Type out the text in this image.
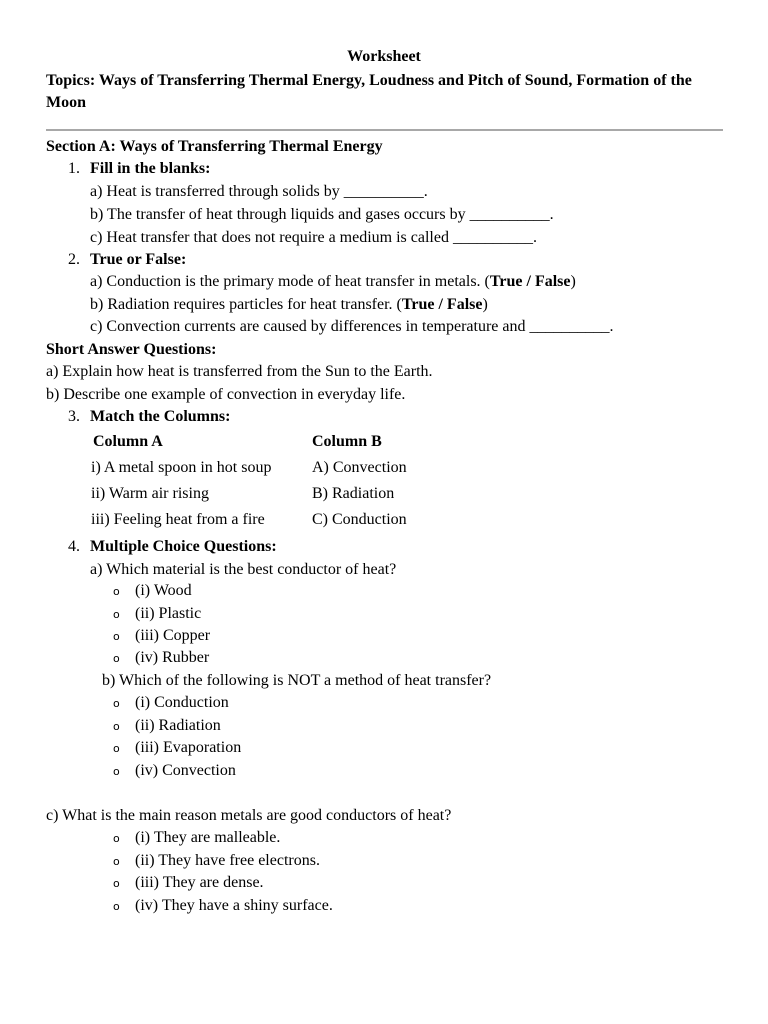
Worksheet
Topics: Ways of Transferring Thermal Energy, Loudness and Pitch of Sound, Formation of the Moon
Section A: Ways of Transferring Thermal Energy
1. Fill in the blanks:
a) Heat is transferred through solids by __________.
b) The transfer of heat through liquids and gases occurs by __________.
c) Heat transfer that does not require a medium is called __________.
2. True or False:
a) Conduction is the primary mode of heat transfer in metals. (True / False)
b) Radiation requires particles for heat transfer. (True / False)
c) Convection currents are caused by differences in temperature and __________.
Short Answer Questions:
a) Explain how heat is transferred from the Sun to the Earth.
b) Describe one example of convection in everyday life.
3. Match the Columns:
Column A	Column B
i) A metal spoon in hot soup	A) Convection
ii) Warm air rising	B) Radiation
iii) Feeling heat from a fire	C) Conduction
4. Multiple Choice Questions:
a) Which material is the best conductor of heat?
o (i) Wood
o (ii) Plastic
o (iii) Copper
o (iv) Rubber
b) Which of the following is NOT a method of heat transfer?
o (i) Conduction
o (ii) Radiation
o (iii) Evaporation
o (iv) Convection
c) What is the main reason metals are good conductors of heat?
o (i) They are malleable.
o (ii) They have free electrons.
o (iii) They are dense.
o (iv) They have a shiny surface.
